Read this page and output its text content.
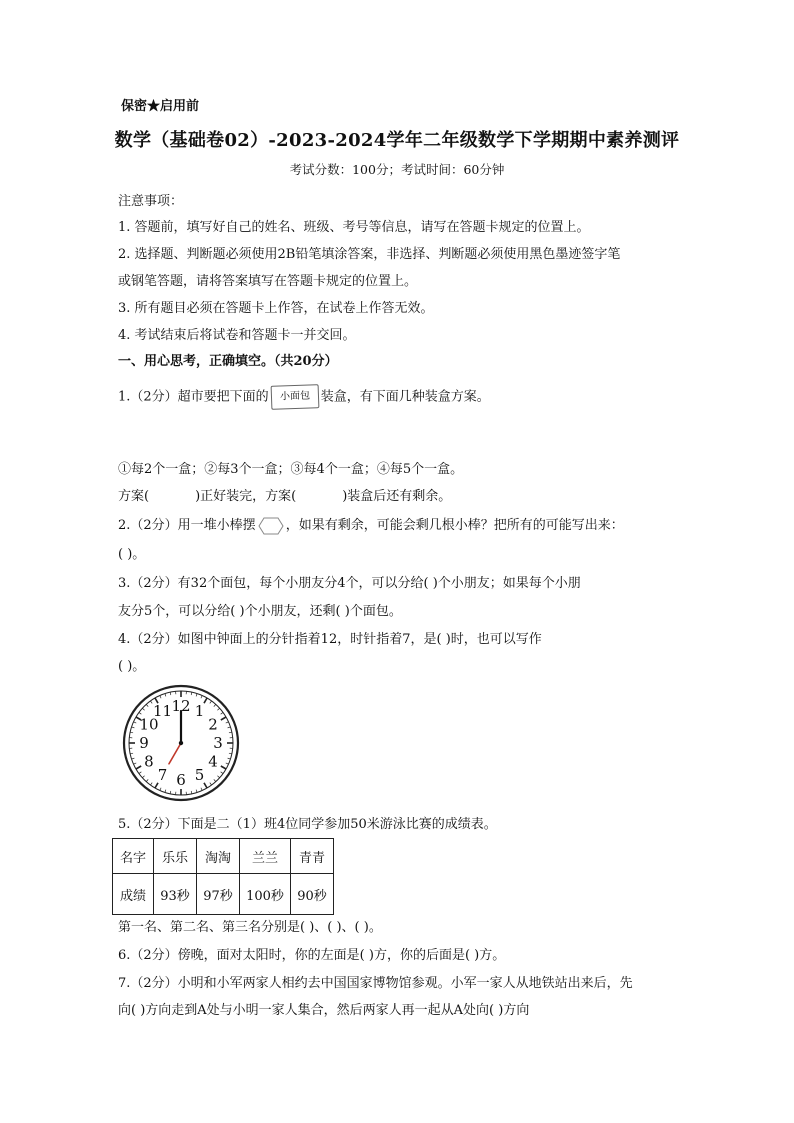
保密★启用前
数学（基础卷02）-2023-2024学年二年级数学下学期期中素养测评
考试分数：100分；考试时间：60分钟
注意事项：
1. 答题前，填写好自己的姓名、班级、考号等信息，请写在答题卡规定的位置上。
2. 选择题、判断题必须使用2B铅笔填涂答案，非选择、判断题必须使用黑色墨迹签字笔
或钢笔答题，请将答案填写在答题卡规定的位置上。
3. 所有题目必须在答题卡上作答，在试卷上作答无效。
4. 考试结束后将试卷和答题卡一并交回。
一、用心思考，正确填空。（共20分）
1.（2分）超市要把下面的 小面包 装盒，有下面几种装盒方案。
①每2个一盒；②每3个一盒；③每4个一盒；④每5个一盒。
方案(	)正好装完，方案(	)装盒后还有剩余。
2.（2分）用一堆小棒摆 ，如果有剩余，可能会剩几根小棒？把所有的可能写出来：
( )。
3.（2分）有32个面包，每个小朋友分4个，可以分给( )个小朋友；如果每个小朋
友分5个，可以分给( )个小朋友，还剩( )个面包。
4.（2分）如图中钟面上的分针指着12，时针指着7，是( )时，也可以写作
( )。
12 1
2
3
4
5
6
7
8
9
10
11
5.（2分）下面是二（1）班4位同学参加50米游泳比赛的成绩表。
名字	乐乐	淘淘	兰兰	青青
成绩	93秒	97秒	100秒	90秒
第一名、第二名、第三名分别是( )、( )、( )。
6.（2分）傍晚，面对太阳时，你的左面是( )方，你的后面是( )方。
7.（2分）小明和小军两家人相约去中国国家博物馆参观。小军一家人从地铁站出来后，先
向( )方向走到A处与小明一家人集合，然后两家人再一起从A处向( )方向
